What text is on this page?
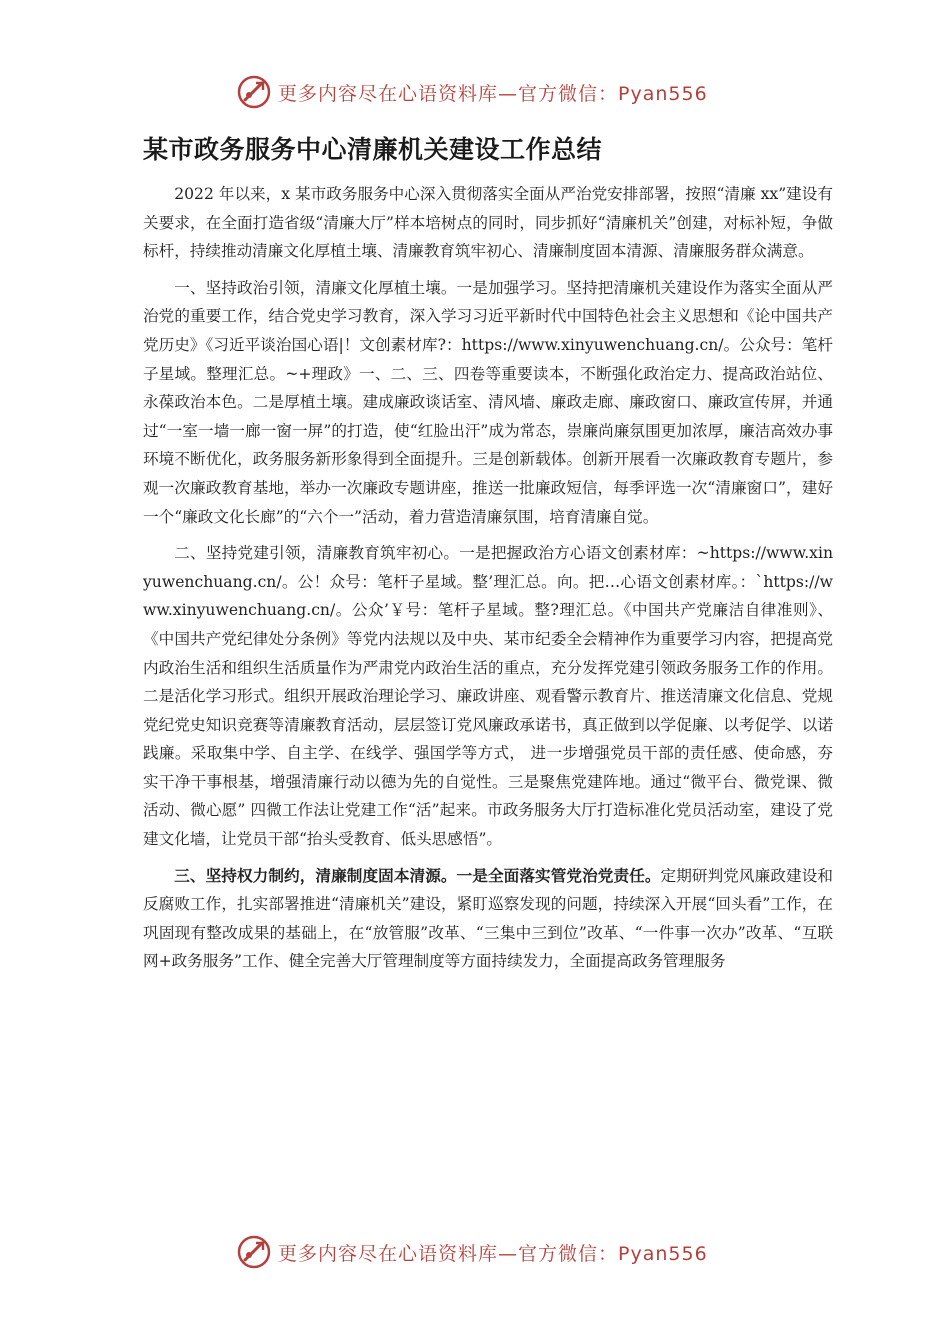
更多内容尽在心语资料库—官方微信：Pyan556
某市政务服务中心清廉机关建设工作总结

2022 年以来，x 某市政务服务中心深入贯彻落实全面从严治党安排部署，按照“清廉 xx”建设有关要求，在全面打造省级“清廉大厅”样本培树点的同时，同步抓好“清廉机关”创建，对标补短，争做标杆，持续推动清廉文化厚植土壤、清廉教育筑牢初心、清廉制度固本清源、清廉服务群众满意。

一、坚持政治引领，清廉文化厚植土壤。一是加强学习。坚持把清廉机关建设作为落实全面从严治党的重要工作，结合党史学习教育，深入学习习近平新时代中国特色社会主义思想和《论中国共产党历史》《习近平谈治国心语|！文创素材库?：https://www.xinyuwenchuang.cn/。公众号：笔杆子星域。整理汇总。~+理政》一、二、三、四卷等重要读本，不断强化政治定力、提高政治站位、永葆政治本色。二是厚植土壤。建成廉政谈话室、清风墙、廉政走廊、廉政窗口、廉政宣传屏，并通过“一室一墙一廊一窗一屏”的打造，使“红脸出汗”成为常态，崇廉尚廉氛围更加浓厚，廉洁高效办事环境不断优化，政务服务新形象得到全面提升。三是创新载体。创新开展看一次廉政教育专题片，参观一次廉政教育基地，举办一次廉政专题讲座，推送一批廉政短信，每季评选一次“清廉窗口”，建好一个“廉政文化长廊”的“六个一”活动，着力营造清廉氛围，培育清廉自觉。

二、坚持党建引领，清廉教育筑牢初心。一是把握政治方心语文创素材库：~https://www.xinyuwenchuang.cn/。公！众号：笔杆子星域。整’理汇总。向。把…心语文创素材库。：`https://www.xinyuwenchuang.cn/。公众’￥号：笔杆子星域。整?理汇总。《中国共产党廉洁自律准则》、《中国共产党纪律处分条例》等党内法规以及中央、某市纪委全会精神作为重要学习内容，把提高党内政治生活和组织生活质量作为严肃党内政治生活的重点，充分发挥党建引领政务服务工作的作用。二是活化学习形式。组织开展政治理论学习、廉政讲座、观看警示教育片、推送清廉文化信息、党规党纪党史知识竞赛等清廉教育活动，层层签订党风廉政承诺书，真正做到以学促廉、以考促学、以诺践廉。采取集中学、自主学、在线学、强国学等方式， 进一步增强党员干部的责任感、使命感，夯实干净干事根基，增强清廉行动以德为先的自觉性。三是聚焦党建阵地。通过“微平台、微党课、微活动、微心愿” 四微工作法让党建工作“活”起来。市政务服务大厅打造标准化党员活动室，建设了党建文化墙，让党员干部“抬头受教育、低头思感悟”。

三、坚持权力制约，清廉制度固本清源。一是全面落实管党治党责任。定期研判党风廉政建设和反腐败工作，扎实部署推进“清廉机关”建设，紧盯巡察发现的问题，持续深入开展“回头看”工作，在巩固现有整改成果的基础上，在“放管服”改革、“三集中三到位”改革、“一件事一次办”改革、“互联网+政务服务”工作、健全完善大厅管理制度等方面持续发力，全面提高政务管理服务

更多内容尽在心语资料库—官方微信：Pyan556
